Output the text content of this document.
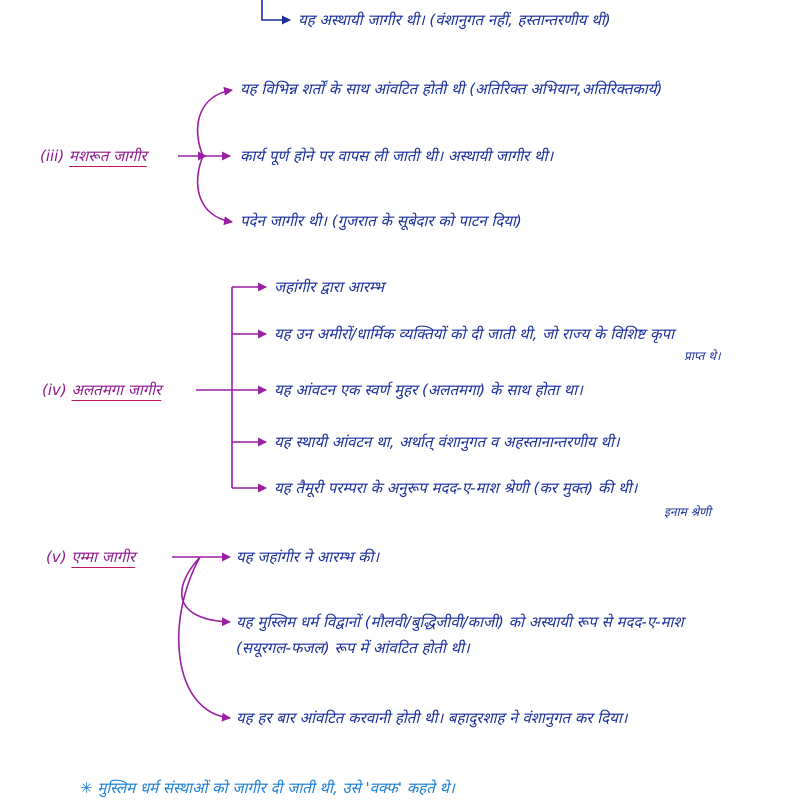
यह अस्थायी जागीर थी। (वंशानुगत नहीं, हस्तान्तरणीय थी)
(iii) मशरूत जागीर
यह विभिन्न शर्तों के साथ आंवटित होती थी (अतिरिक्त अभियान,अतिरिक्तकार्य)
कार्य पूर्ण होने पर वापस ली जाती थी। अस्थायी जागीर थी।
पदेन जागीर थी। (गुजरात के सूबेदार को पाटन दिया)
(iv) अलतमगा जागीर
जहांगीर द्वारा आरम्भ
यह उन अमीरों/धार्मिक व्यक्तियों को दी जाती थी, जो राज्य के विशिष्ट कृपा
प्राप्त थे।
यह आंवटन एक स्वर्ण मुहर (अलतमगा) के साथ होता था।
यह स्थायी आंवटन था, अर्थात् वंशानुगत व अहस्तानान्तरणीय थी।
यह तैमूरी परम्परा के अनुरूप मदद-ए-माश श्रेणी (कर मुक्त) की थी।
इनाम श्रेणी
(v) एम्मा जागीर	यह जहांगीर ने आरम्भ की।
यह मुस्लिम धर्म विद्वानों (मौलवी/बुद्धिजीवी/काजी) को अस्थायी रूप से मदद-ए-माश
(सयूरगल-फजल) रूप में आंवटित होती थी।
यह हर बार आंवटित करवानी होती थी। बहादुरशाह ने वंशानुगत कर दिया।
✳ मुस्लिम धर्म संस्थाओं को जागीर दी जाती थी, उसे 'वक्फ' कहते थे।
